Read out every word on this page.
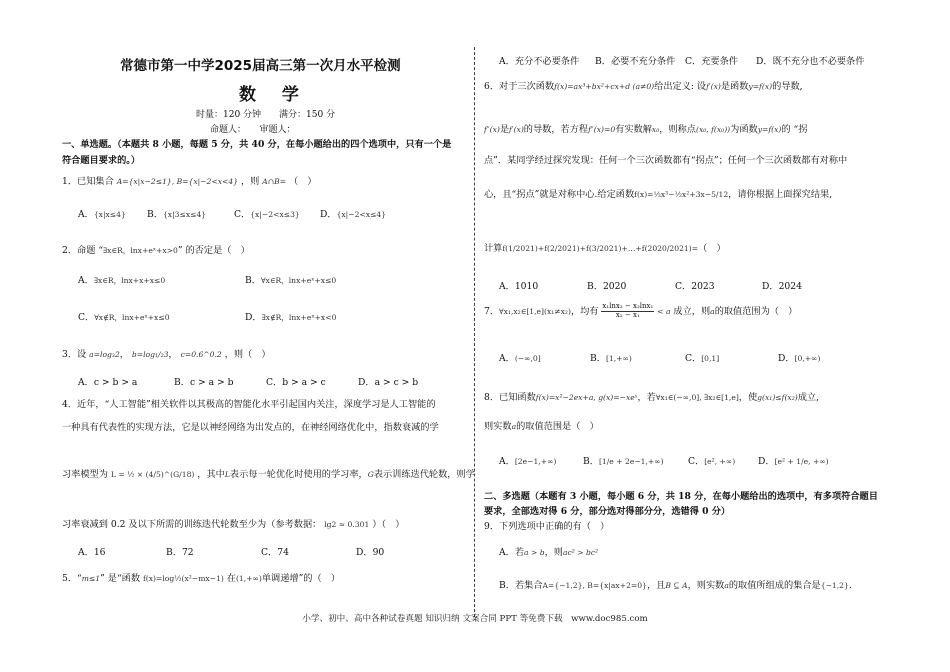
常德市第一中学2025届高三第一次月水平检测
数 学
时量：120 分钟　　满分：150 分
命题人：　　审题人：
一、单选题。（本题共 8 小题，每题 5 分，共 40 分，在每小题给出的四个选项中，只有一个是
符合题目要求的。）
1．已知集合 A={x|x−2≤1}, B={x|−2<x<4} ，则 A∩B= （　）
A．{x|x≤4} B．{x|3≤x≤4}	C．{x|−2<x≤3} D．{x|−2<x≤4}
2．命题 “∃x∈R，lnx+eˣ+x>0” 的否定是（　）
A．∃x∈R，lnx+x+x≤0	B．∀x∈R，lnx+eˣ+x≤0
C．∀x∉R，lnx+eˣ+x≤0	D．∃x∉R，lnx+eˣ+x<0
3．设 a=log₃2， b=log₁/₂3， c=0.6^0.2 ，则（　）
A．c > b > a	B．c > a > b	C．b > a > c	D．a > c > b
4．近年，“人工智能”相关软件以其极高的智能化水平引起国内关注，深度学习是人工智能的
一种具有代表性的实现方法，它是以神经网络为出发点的，在神经网络优化中，指数衰减的学
习率模型为 L = ½ × (4/5)^(G/18) ，其中L表示每一轮优化时使用的学习率，G表示训练迭代轮数，则学
习率衰减到 0.2 及以下所需的训练迭代轮数至少为（参考数据： lg2 ≈ 0.301 ）（　）
A．16	B．72	C．74	D．90
5．“m≤1” 是“函数 f(x)=log½(x²−mx−1) 在(1,+∞)单调递增”的（　）
A．充分不必要条件 B．必要不充分条件 C．充要条件 D．既不充分也不必要条件
6．对于三次函数f(x)=ax³+bx²+cx+d (a≠0)给出定义: 设f′(x)是函数y=f(x)的导数,
f″(x)是f′(x)的导数，若方程f″(x)=0有实数解x₀，则称点(x₀, f(x₀))为函数y=f(x)的 “拐
点”．某同学经过探究发现：任何一个三次函数都有“拐点”；任何一个三次函数都有对称中
心，且“拐点”就是对称中心.给定函数f(x)=⅓x³−½x²+3x−5/12，请你根据上面探究结果,
计算f(1/2021)+f(2/2021)+f(3/2021)+…+f(2020/2021)=（　）
A．1010	B．2020	C．2023	D．2024
7．∀x₁,x₂∈[1,e](x₁≠x₂)，均有 $\frac{\text{x₁lnx₂ − x₂lnx₁}}{\text{x₂ − x₁}} < a$ 成立，则a的取值范围为（　）
A．(−∞,0]	B．[1,+∞)	C．[0,1]	D．[0,+∞)
8．已知函数f(x)=x²−2ex+a, g(x)=−xeˣ，若∀x₁∈(−∞,0], ∃x₂∈[1,e]，使g(x₁)≤f(x₂)成立,
则实数a的取值范围是（　）
A．[2e−1,+∞)	B．[1/e + 2e−1,+∞)	C．[e², +∞) D．[e² + 1/e, +∞)
二、多选题（本题有 3 小题，每小题 6 分，共 18 分，在每小题给出的选项中，有多项符合题目
要求，全部选对得 6 分，部分选对得部分分，选错得 0 分）
9．下列选项中正确的有（　）
A．若a > b，则ac² > bc²
B．若集合A={−1,2}, B={x|ax+2=0}，且B ⊆ A，则实数a的取值所组成的集合是{−1,2}.
小学、初中、高中各种试卷真题 知识归纳 文案合同 PPT 等免费下载　www.doc985.com
